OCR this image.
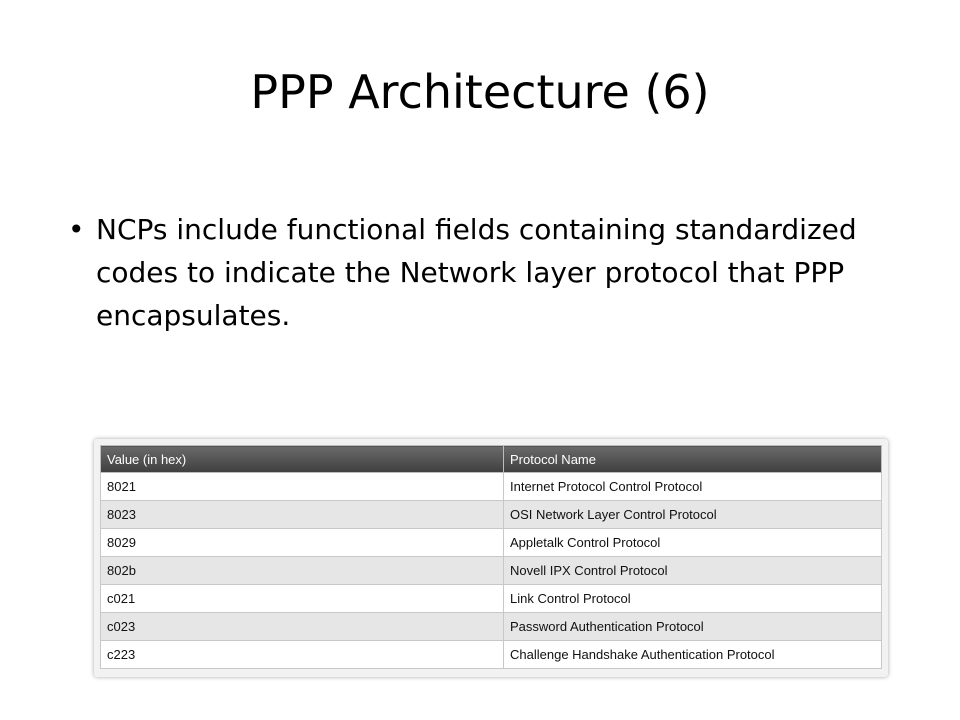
PPP Architecture (6)
• NCPs include functional fields containing standardized codes to indicate the Network layer protocol that PPP encapsulates.
Value (in hex)	Protocol Name
8021	Internet Protocol Control Protocol
8023	OSI Network Layer Control Protocol
8029	Appletalk Control Protocol
802b	Novell IPX Control Protocol
c021	Link Control Protocol
c023	Password Authentication Protocol
c223	Challenge Handshake Authentication Protocol
